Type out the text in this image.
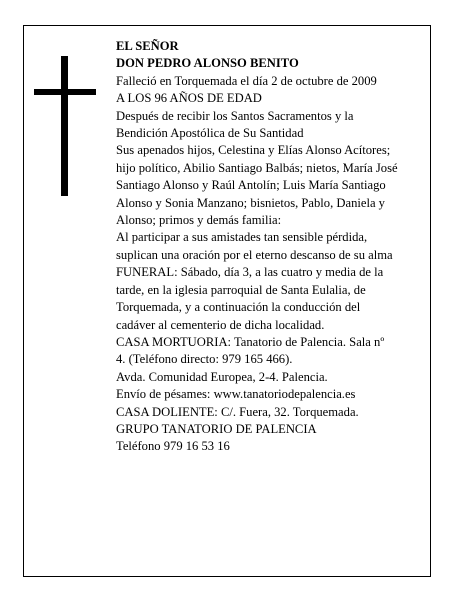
EL SEÑOR
DON PEDRO ALONSO BENITO
Falleció en Torquemada el día 2 de octubre de 2009
A LOS 96 AÑOS DE EDAD
Después de recibir los Santos Sacramentos y la
Bendición Apostólica de Su Santidad
Sus apenados hijos, Celestina y Elías Alonso Acítores;
hijo político, Abilio Santiago Balbás; nietos, María José
Santiago Alonso y Raúl Antolín; Luis María Santiago
Alonso y Sonia Manzano; bisnietos, Pablo, Daniela y
Alonso; primos y demás familia:
Al participar a sus amistades tan sensible pérdida,
suplican una oración por el eterno descanso de su alma
FUNERAL: Sábado, día 3, a las cuatro y media de la
tarde, en la iglesia parroquial de Santa Eulalia, de
Torquemada, y a continuación la conducción del
cadáver al cementerio de dicha localidad.
CASA MORTUORIA: Tanatorio de Palencia. Sala nº
4. (Teléfono directo: 979 165 466).
Avda. Comunidad Europea, 2-4. Palencia.
Envío de pésames: www.tanatoriodepalencia.es
CASA DOLIENTE: C/. Fuera, 32. Torquemada.
GRUPO TANATORIO DE PALENCIA
Teléfono 979 16 53 16
